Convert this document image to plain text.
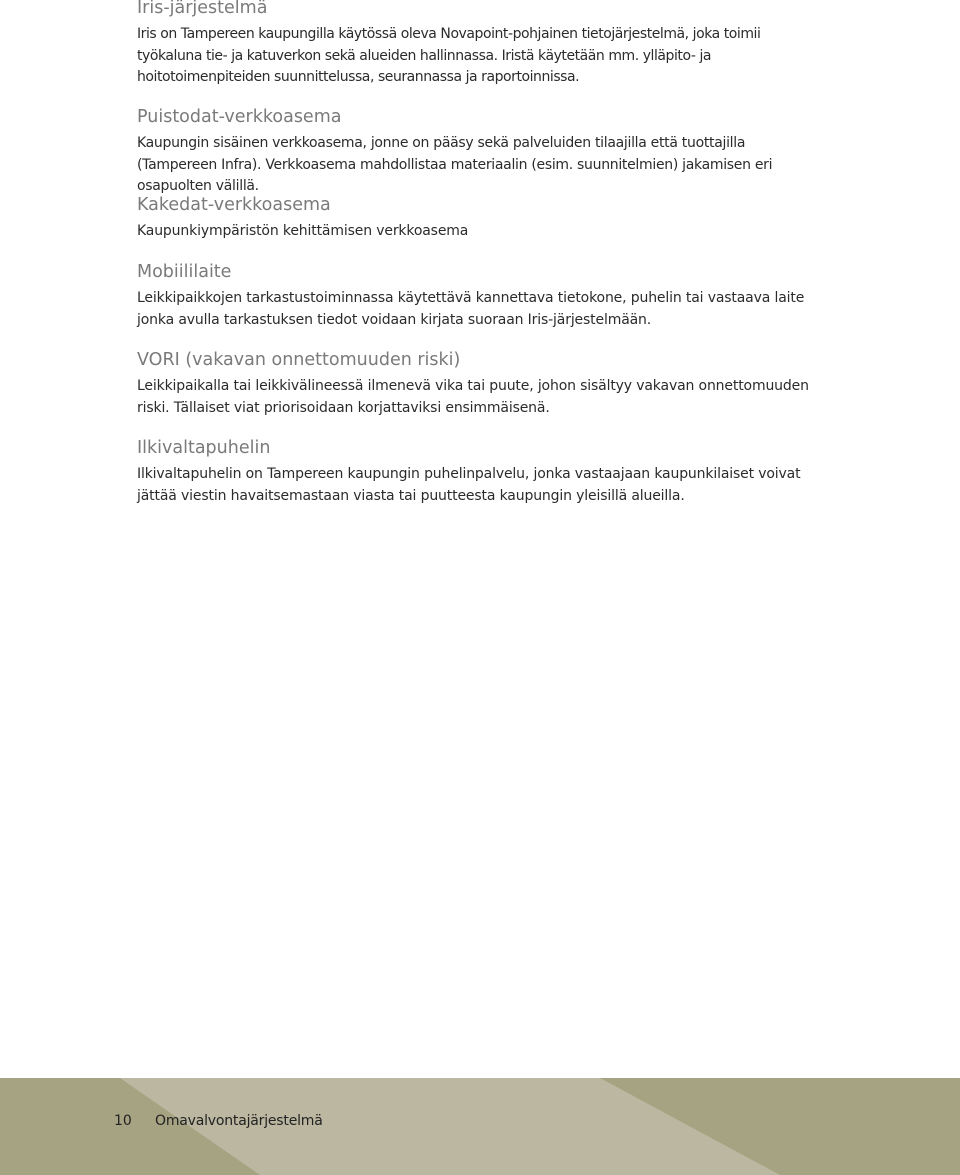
Iris-järjestelmä

Iris on Tampereen kaupungilla käytössä oleva Novapoint-pohjainen tietojärjestelmä, joka toimii työkaluna tie- ja katuverkon sekä alueiden hallinnassa. Iristä käytetään mm. ylläpito- ja hoitotoimenpiteiden suunnittelussa, seurannassa ja raportoinnissa.

Puistodat-verkkoasema

Kaupungin sisäinen verkkoasema, jonne on pääsy sekä palveluiden tilaajilla että tuottajilla (Tampereen Infra). Verkkoasema mahdollistaa materiaalin (esim. suunnitelmien) jakamisen eri osapuolten välillä.

Kakedat-verkkoasema

Kaupunkiympäristön kehittämisen verkkoasema

Mobiililaite

Leikkipaikkojen tarkastustoiminnassa käytettävä kannettava tietokone, puhelin tai vastaava laite jonka avulla tarkastuksen tiedot voidaan kirjata suoraan Iris-järjestelmään.

VORI (vakavan onnettomuuden riski)

Leikkipaikalla tai leikkivälineessä ilmenevä vika tai puute, johon sisältyy vakavan onnettomuuden riski. Tällaiset viat priorisoidaan korjattaviksi ensimmäisenä.

Ilkivaltapuhelin

Ilkivaltapuhelin on Tampereen kaupungin puhelinpalvelu, jonka vastaajaan kaupunkilaiset voivat jättää viestin havaitsemastaan viasta tai puutteesta kaupungin yleisillä alueilla.

10 Omavalvontajärjestelmä
